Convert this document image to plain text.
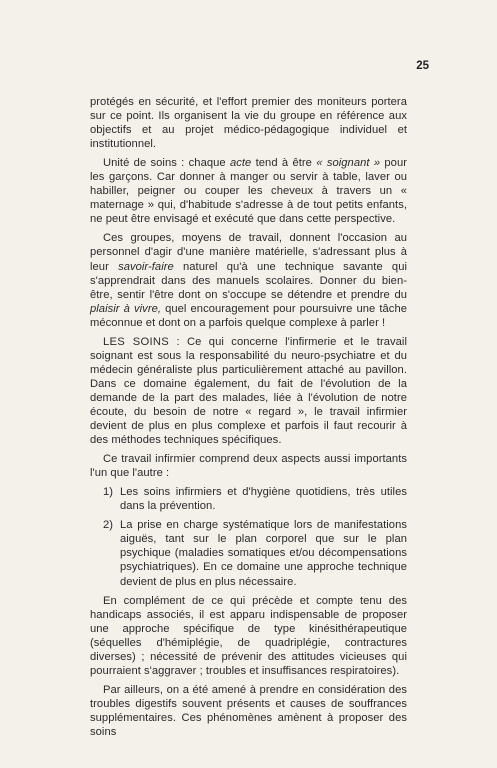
25

protégés en sécurité, et l'effort premier des moniteurs portera sur ce point. Ils organisent la vie du groupe en référence aux objectifs et au projet médico-pédagogique individuel et institutionnel.

Unité de soins : chaque acte tend à être « soignant » pour les garçons. Car donner à manger ou servir à table, laver ou habiller, peigner ou couper les cheveux à travers un « maternage » qui, d'habitude s'adresse à de tout petits enfants, ne peut être envisagé et exécuté que dans cette perspective.

Ces groupes, moyens de travail, donnent l'occasion au personnel d'agir d'une manière matérielle, s'adressant plus à leur savoir-faire naturel qu'à une technique savante qui s'apprendrait dans des manuels scolaires. Donner du bien-être, sentir l'être dont on s'occupe se détendre et prendre du plaisir à vivre, quel encouragement pour poursuivre une tâche méconnue et dont on a parfois quelque complexe à parler !

LES SOINS : Ce qui concerne l'infirmerie et le travail soignant est sous la responsabilité du neuro-psychiatre et du médecin généraliste plus particulièrement attaché au pavillon. Dans ce domaine également, du fait de l'évolution de la demande de la part des malades, liée à l'évolution de notre écoute, du besoin de notre « regard », le travail infirmier devient de plus en plus complexe et parfois il faut recourir à des méthodes techniques spécifiques.

Ce travail infirmier comprend deux aspects aussi importants l'un que l'autre :

1) Les soins infirmiers et d'hygiène quotidiens, très utiles dans la prévention.
2) La prise en charge systématique lors de manifestations aiguës, tant sur le plan corporel que sur le plan psychique (maladies somatiques et/ou décompensations psychiatriques). En ce domaine une approche technique devient de plus en plus nécessaire.

En complément de ce qui précède et compte tenu des handicaps associés, il est apparu indispensable de proposer une approche spécifique de type kinésithérapeutique (séquelles d'hémiplégie, de quadriplégie, contractures diverses) ; nécessité de prévenir des attitudes vicieuses qui pourraient s'aggraver ; troubles et insuffisances respiratoires).

Par ailleurs, on a été amené à prendre en considération des troubles digestifs souvent présents et causes de souffrances supplémentaires. Ces phénomènes amènent à proposer des soins
